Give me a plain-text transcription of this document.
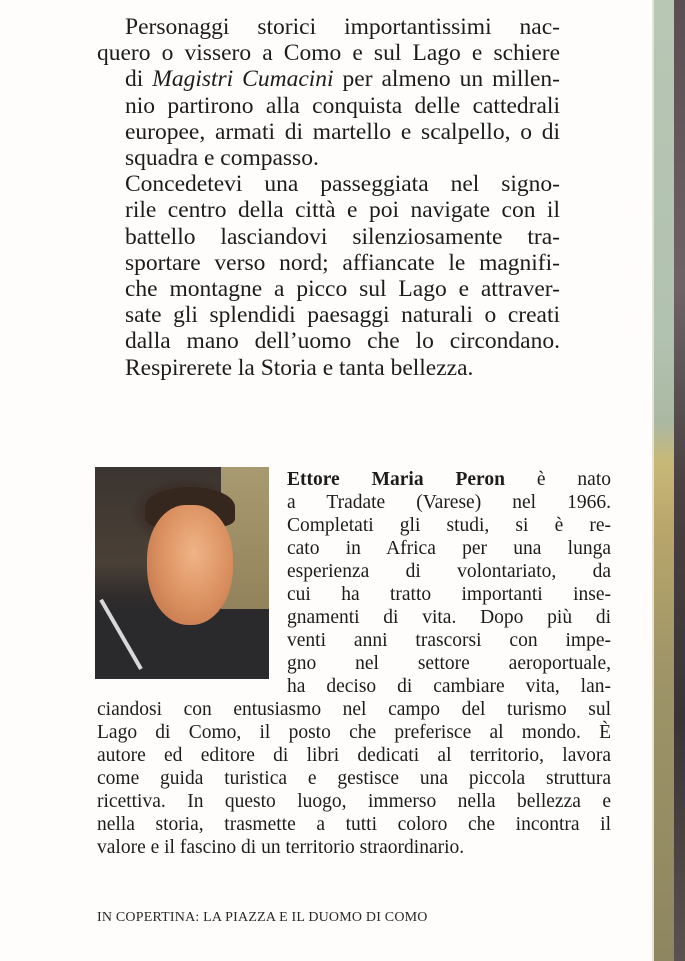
Personaggi storici importantissimi nac-
quero o vissero a Como e sul Lago e schiere
di Magistri Cumacini per almeno un millen-
nio partirono alla conquista delle cattedrali
europee, armati di martello e scalpello, o di
squadra e compasso.

Concedetevi una passeggiata nel signo-
rile centro della città e poi navigate con il
battello lasciandovi silenziosamente tra-
sportare verso nord; affiancate le magnifi-
che montagne a picco sul Lago e attraver-
sate gli splendidi paesaggi naturali o creati
dalla mano dell’uomo che lo circondano.
Respirerete la Storia e tanta bellezza.

Ettore Maria Peron è nato
a Tradate (Varese) nel 1966.
Completati gli studi, si è re-
cato in Africa per una lunga
esperienza di volontariato, da
cui ha tratto importanti inse-
gnamenti di vita. Dopo più di
venti anni trascorsi con impe-
gno nel settore aeroportuale,
ha deciso di cambiare vita, lan-
ciandosi con entusiasmo nel campo del turismo sul
Lago di Como, il posto che preferisce al mondo. È
autore ed editore di libri dedicati al territorio, lavora
come guida turistica e gestisce una piccola struttura
ricettiva. In questo luogo, immerso nella bellezza e
nella storia, trasmette a tutti coloro che incontra il
valore e il fascino di un territorio straordinario.
IN COPERTINA: LA PIAZZA E IL DUOMO DI COMO
